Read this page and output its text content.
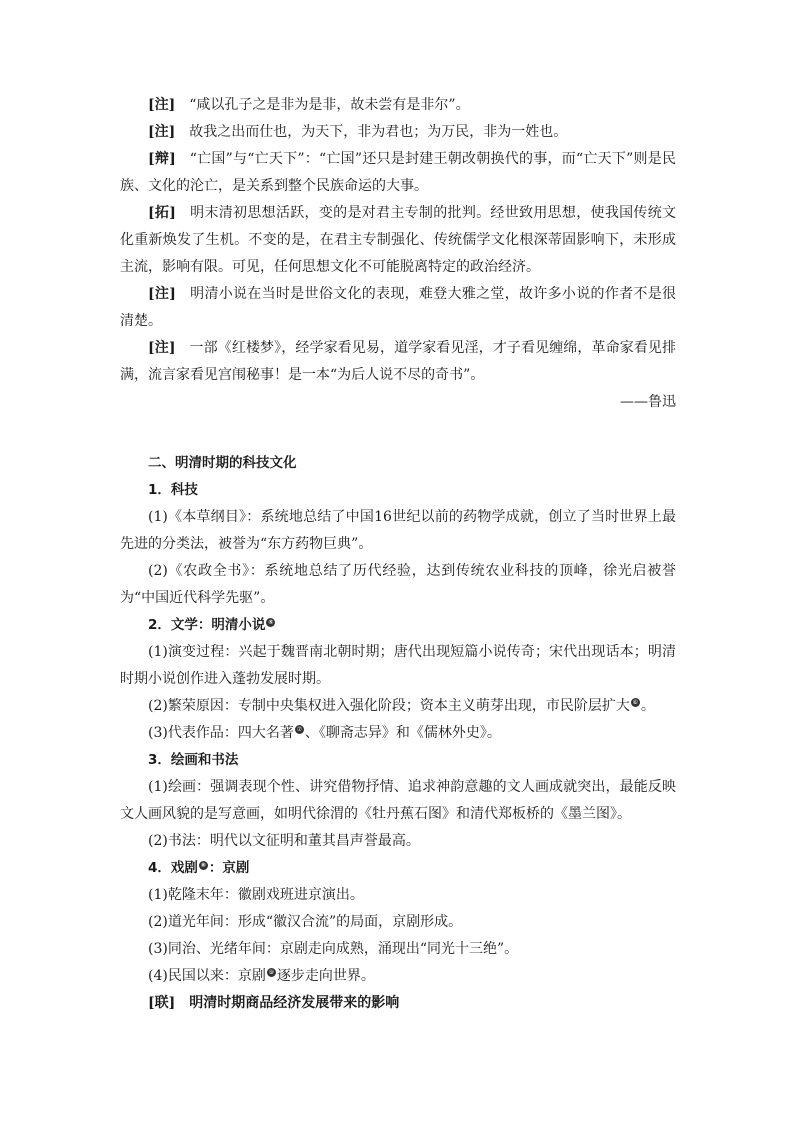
[注] “咸以孔子之是非为是非，故未尝有是非尔”。

[注] 故我之出而仕也，为天下，非为君也；为万民，非为一姓也。

[辩] “亡国”与“亡天下”：“亡国”还只是封建王朝改朝换代的事，而“亡天下”则是民族、文化的沦亡，是关系到整个民族命运的大事。

[拓] 明末清初思想活跃，变的是对君主专制的批判。经世致用思想，使我国传统文化重新焕发了生机。不变的是，在君主专制强化、传统儒学文化根深蒂固影响下，未形成主流，影响有限。可见，任何思想文化不可能脱离特定的政治经济。

[注] 明清小说在当时是世俗文化的表现，难登大雅之堂，故许多小说的作者不是很清楚。

[注] 一部《红楼梦》，经学家看见易，道学家看见淫，才子看见缠绵，革命家看见排满，流言家看见宫闱秘事！是一本“为后人说不尽的奇书”。

——鲁迅

二、明清时期的科技文化

1．科技

(1)《本草纲目》：系统地总结了中国16世纪以前的药物学成就，创立了当时世界上最先进的分类法，被誉为“东方药物巨典”。

(2)《农政全书》：系统地总结了历代经验，达到传统农业科技的顶峰，徐光启被誉为“中国近代科学先驱”。

2．文学：明清小说 ⑤

(1)演变过程：兴起于魏晋南北朝时期；唐代出现短篇小说传奇；宋代出现话本；明清时期小说创作进入蓬勃发展时期。

(2)繁荣原因：专制中央集权进入强化阶段；资本主义萌芽出现，市民阶层扩大 ⑥ 。

(3)代表作品：四大名著 ⑦ 、《聊斋志异》和《儒林外史》。

3．绘画和书法

(1)绘画：强调表现个性、讲究借物抒情、追求神韵意趣的文人画成就突出，最能反映文人画风貌的是写意画，如明代徐渭的《牡丹蕉石图》和清代郑板桥的《墨兰图》。

(2)书法：明代以文征明和董其昌声誉最高。

4．戏剧 ⑧ ：京剧

(1)乾隆末年：徽剧戏班进京演出。

(2)道光年间：形成“徽汉合流”的局面，京剧形成。

(3)同治、光绪年间：京剧走向成熟，涌现出“同光十三绝”。

(4)民国以来：京剧 ⑨ 逐步走向世界。

[联] 明清时期商品经济发展带来的影响
